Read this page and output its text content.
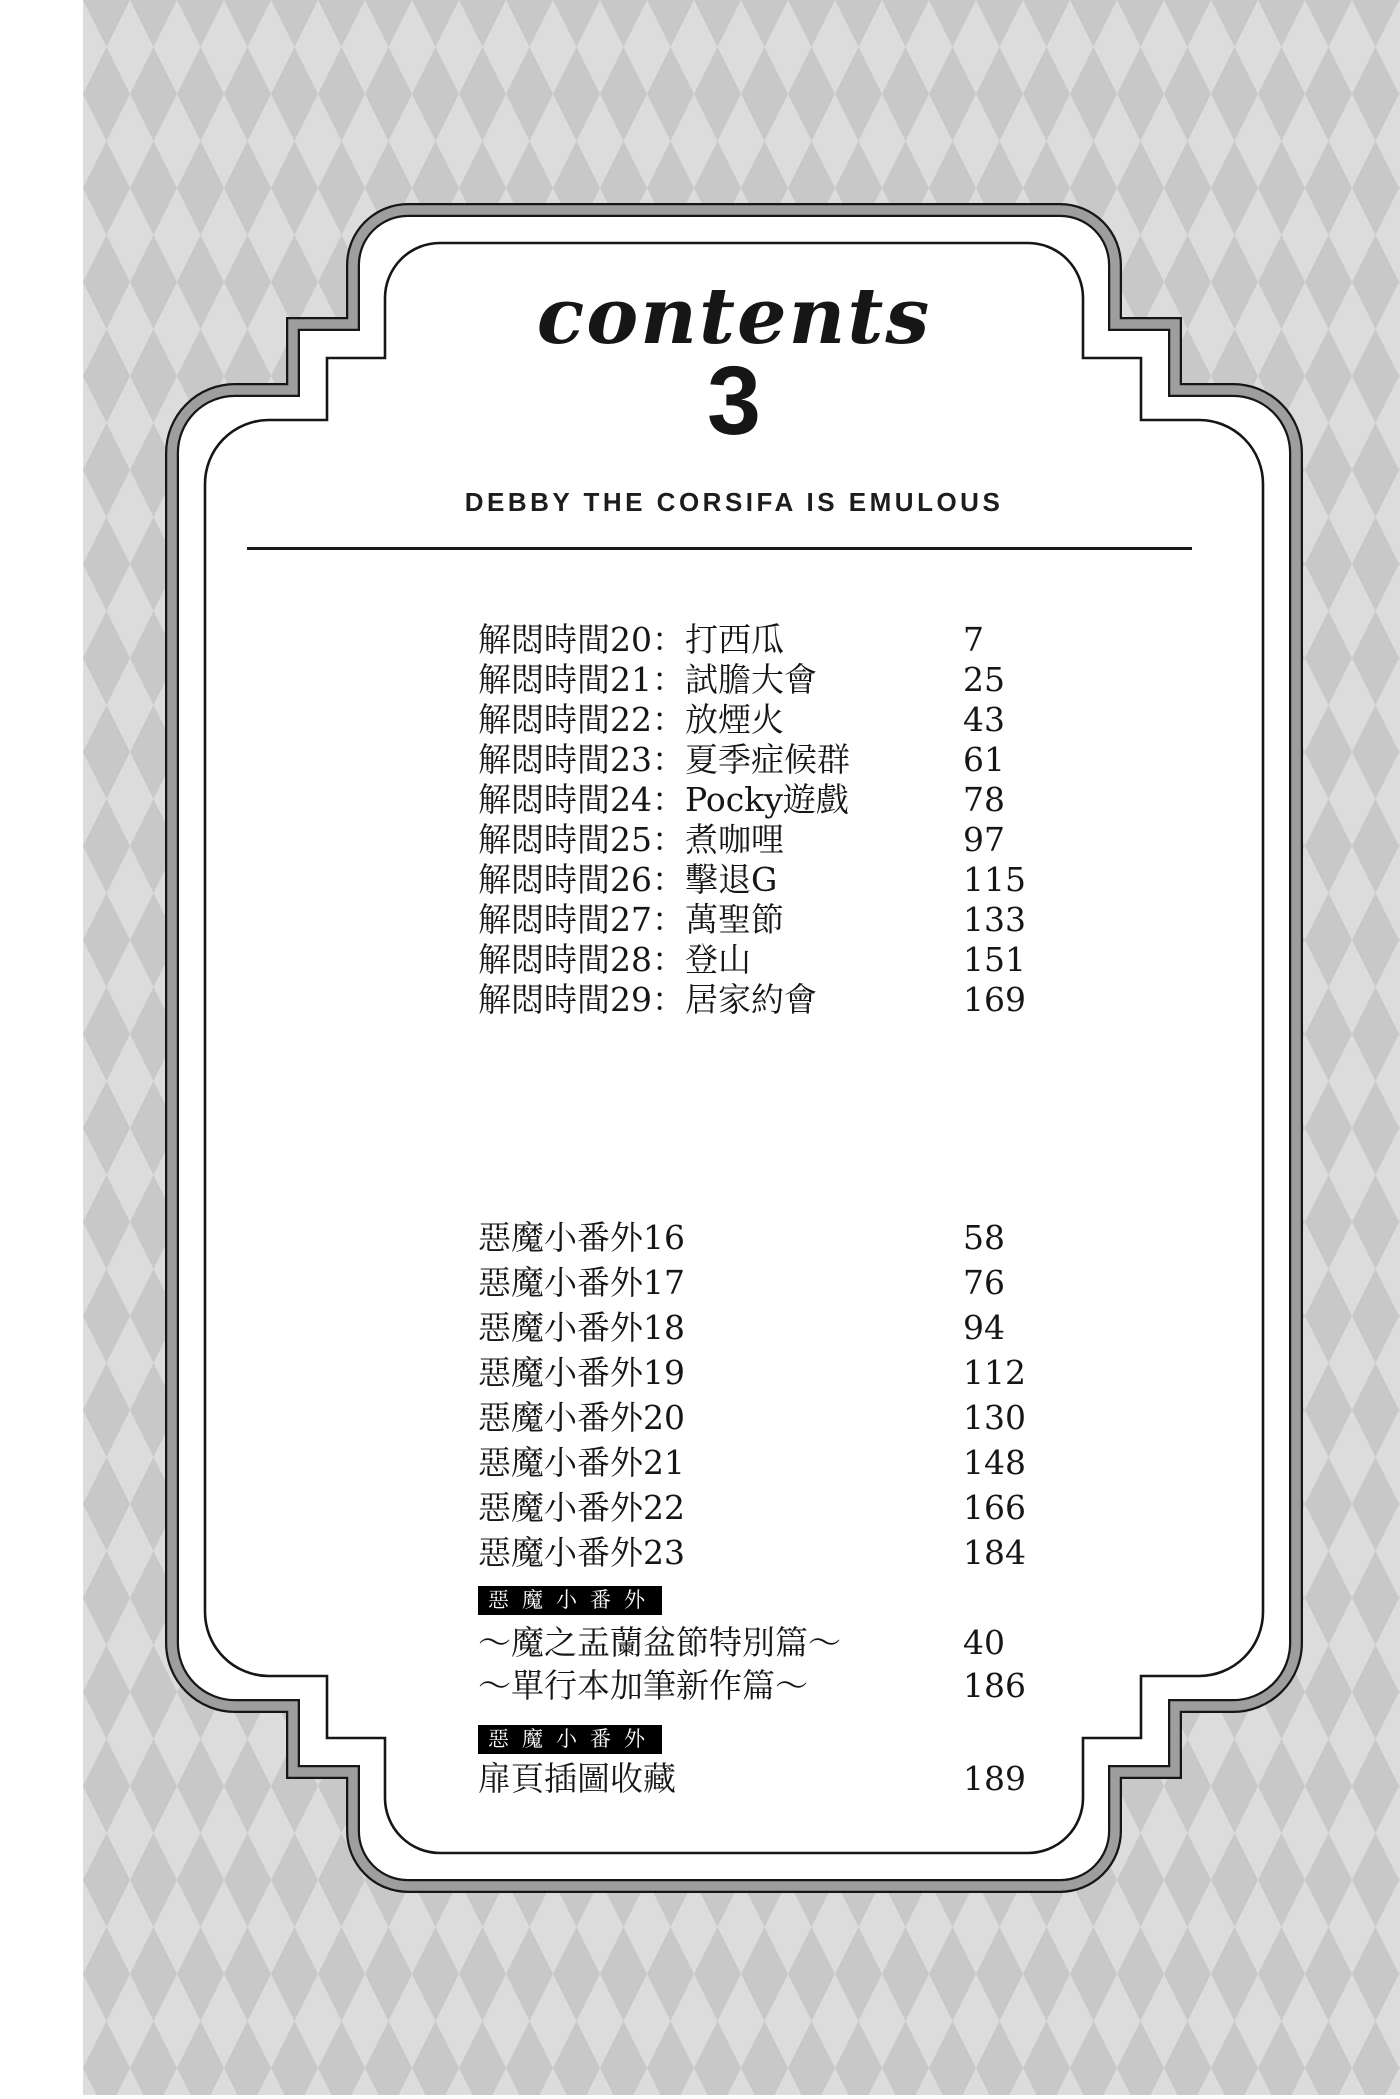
contents
3
DEBBY THE CORSIFA IS EMULOUS
解悶時間20：打西瓜	7
解悶時間21：試膽大會	25
解悶時間22：放煙火	43
解悶時間23：夏季症候群	61
解悶時間24：Pocky遊戲	78
解悶時間25：煮咖哩	97
解悶時間26：擊退G	115
解悶時間27：萬聖節	133
解悶時間28：登山	151
解悶時間29：居家約會	169
惡魔小番外16	58
惡魔小番外17	76
惡魔小番外18	94
惡魔小番外19	112
惡魔小番外20	130
惡魔小番外21	148
惡魔小番外22	166
惡魔小番外23	184
惡魔小番外
～魔之盂蘭盆節特別篇～	40
～單行本加筆新作篇～	186
惡魔小番外
扉頁插圖收藏	189
